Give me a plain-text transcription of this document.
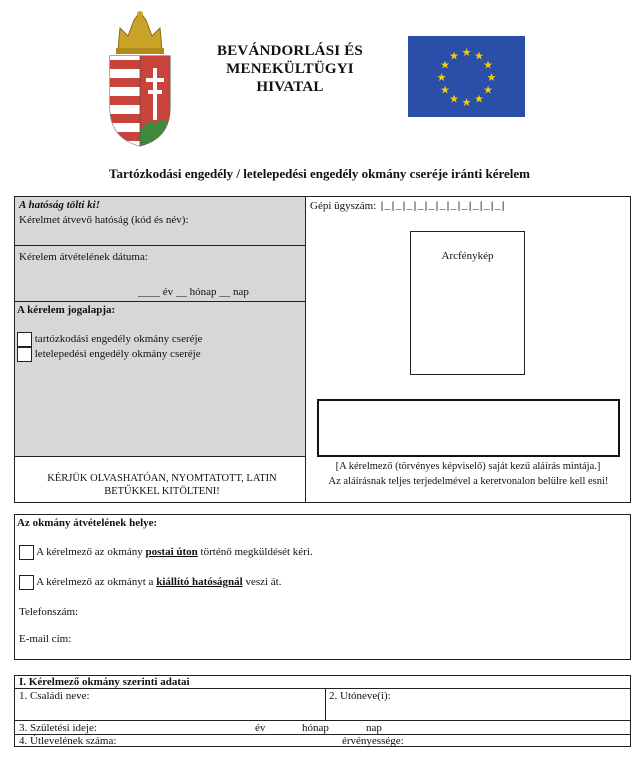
BEVÁNDORLÁSI ÉS
MENEKÜLTÜGYI
HIVATAL
★ ★
★
★
★
★
★
★
★
★
★
★
Tartózkodási engedély / letelepedési engedély okmány cseréje iránti kérelem
A hatóság tölti ki!
Kérelmet átvevő hatóság (kód és név):
Kérelem átvételének dátuma:
____ év __ hónap __ nap
A kérelem jogalapja:
tartózkodási engedély okmány cseréje
letelepedési engedély okmány cseréje
KÉRJÜK OLVASHATÓAN, NYOMTATOTT, LATIN BETŰKKEL KITÖLTENI!
Gépi ügyszám: |_|_|_|_|_|_|_|_|_|_|_|
Arcfénykép
[A kérelmező (törvényes képviselő) saját kezű aláírás mintája.]
Az aláírásnak teljes terjedelmével a keretvonalon belülre kell esni!
Az okmány átvételének helye:
A kérelmező az okmány postai úton történő megküldését kéri.
A kérelmező az okmányt a kiállító hatóságnál veszi át.
Telefonszám:
E-mail cím:
I. Kérelmező okmány szerinti adatai
1. Családi neve:	2. Utóneve(i):
3. Születési ideje:	év	hónap	nap
4. Útlevelének száma:	érvényessége:
